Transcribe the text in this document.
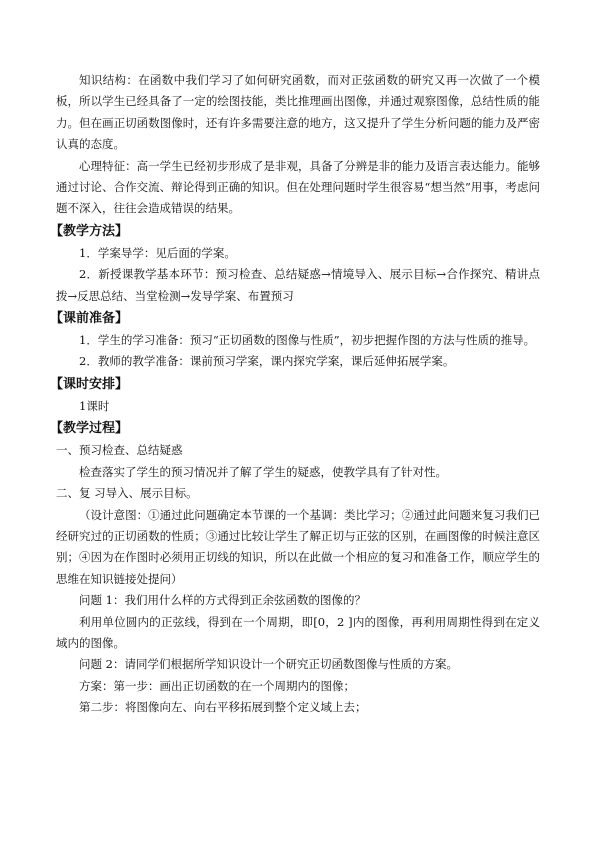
知识结构：在函数中我们学习了如何研究函数，而对正弦函数的研究又再一次做了一个模板，所以学生已经具备了一定的绘图技能，类比推理画出图像，并通过观察图像，总结性质的能力。但在画正切函数图像时，还有许多需要注意的地方，这又提升了学生分析问题的能力及严密认真的态度。

心理特征：高一学生已经初步形成了是非观，具备了分辨是非的能力及语言表达能力。能够通过讨论、合作交流、辩论得到正确的知识。但在处理问题时学生很容易“想当然”用事，考虑问题不深入，往往会造成错误的结果。

【教学方法】

1．学案导学：见后面的学案。

2．新授课教学基本环节：预习检查、总结疑惑→情境导入、展示目标→合作探究、精讲点拨→反思总结、当堂检测→发导学案、布置预习

【课前准备】

1．学生的学习准备：预习“正切函数的图像与性质”，初步把握作图的方法与性质的推导。

2．教师的教学准备：课前预习学案，课内探究学案，课后延伸拓展学案。

【课时安排】

1课时

【教学过程】

一、预习检查、总结疑惑

检查落实了学生的预习情况并了解了学生的疑惑，使教学具有了针对性。

二、复 习导入、展示目标。

（设计意图：①通过此问题确定本节课的一个基调：类比学习；②通过此问题来复习我们已经研究过的正切函数的性质；③通过比较让学生了解正切与正弦的区别，在画图像的时候注意区别；④因为在作图时必须用正切线的知识，所以在此做一个相应的复习和准备工作，顺应学生的思维在知识链接处提问）

问题 1：我们用什么样的方式得到正余弦函数的图像的？

利用单位圆内的正弦线，得到在一个周期，即[0，2 ]内的图像，再利用周期性得到在定义域内的图像。

问题 2：请同学们根据所学知识设计一个研究正切函数图像与性质的方案。

方案：第一步：画出正切函数的在一个周期内的图像；

第二步：将图像向左、向右平移拓展到整个定义域上去；
